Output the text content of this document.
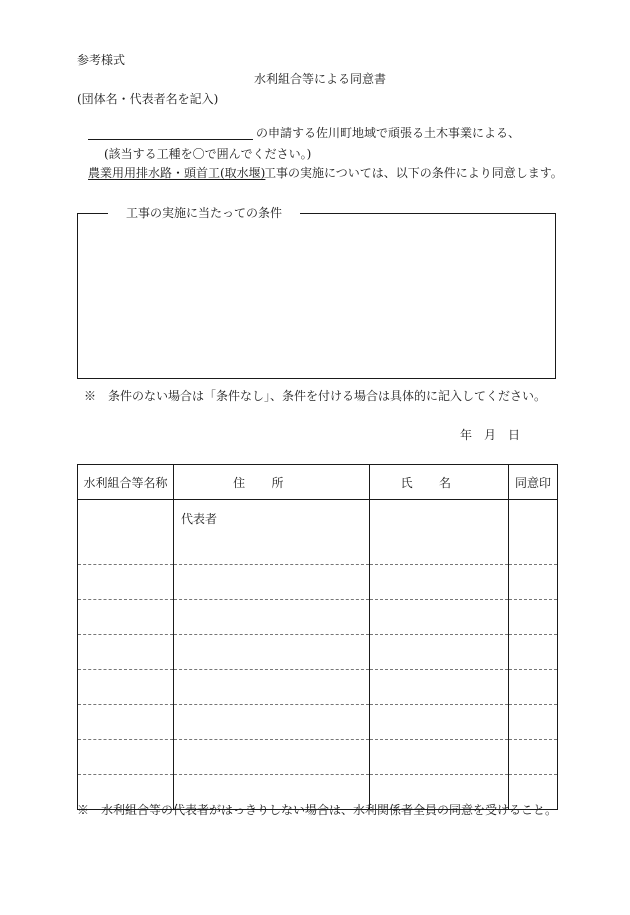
参考様式
水利組合等による同意書
(団体名・代表者名を記入)
の申請する佐川町地域で頑張る土木事業による、
(該当する工種を〇で囲んでください。)
農業用用排水路・頭首工(取水堰)
工事の実施については、以下の条件により同意します。
工事の実施に当たっての条件
※　条件のない場合は「条件なし」、条件を付ける場合は具体的に記入してください。
年　月　日
水利組合等名称	住所	氏名	同意印
	代表者		

※　水利組合等の代表者がはっきりしない場合は、水利関係者全員の同意を受けること。
